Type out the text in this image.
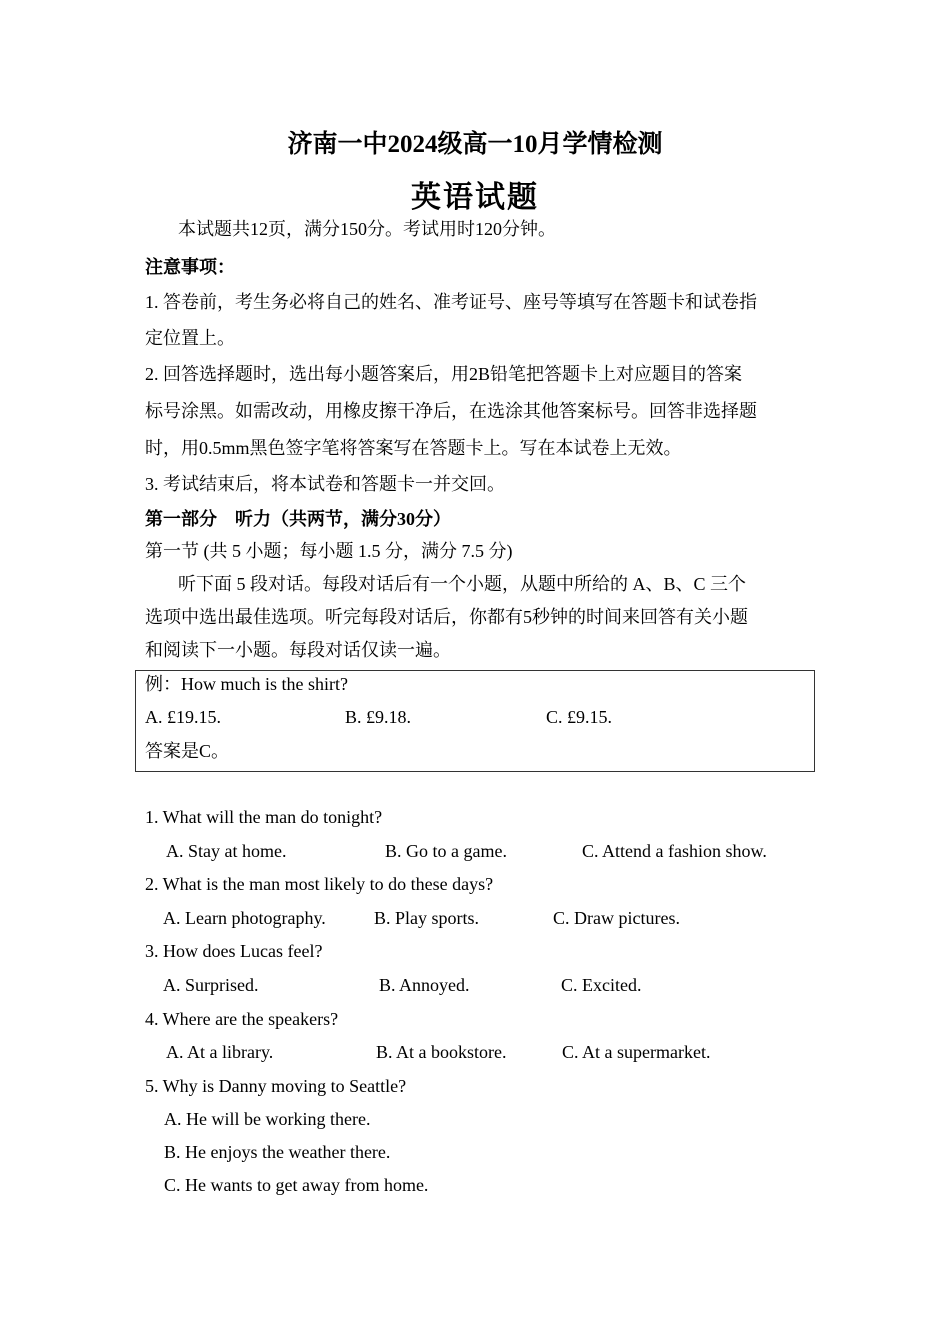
济南一中2024级高一10月学情检测
英语试题
本试题共12页，满分150分。考试用时120分钟。
注意事项：
1. 答卷前，考生务必将自己的姓名、准考证号、座号等填写在答题卡和试卷指
定位置上。
2. 回答选择题时，选出每小题答案后，用2B铅笔把答题卡上对应题目的答案
标号涂黑。如需改动，用橡皮擦干净后，在选涂其他答案标号。回答非选择题
时，用0.5mm黑色签字笔将答案写在答题卡上。写在本试卷上无效。
3. 考试结束后，将本试卷和答题卡一并交回。
第一部分　听力（共两节，满分30分）
第一节 (共 5 小题；每小题 1.5 分，满分 7.5 分)
听下面 5 段对话。每段对话后有一个小题，从题中所给的 A、B、C 三个
选项中选出最佳选项。听完每段对话后，你都有5秒钟的时间来回答有关小题
和阅读下一小题。每段对话仅读一遍。
例：How much is the shirt?
A. £19.15.	B. £9.18.	C. £9.15.
答案是C。
1. What will the man do tonight?
A. Stay at home.	B. Go to a game.	C. Attend a fashion show.
2. What is the man most likely to do these days?
A. Learn photography.	B. Play sports.	C. Draw pictures.
3. How does Lucas feel?
A. Surprised.	B. Annoyed.	C. Excited.
4. Where are the speakers?
A. At a library.	B. At a bookstore.	C. At a supermarket.
5. Why is Danny moving to Seattle?
A. He will be working there.
B. He enjoys the weather there.
C. He wants to get away from home.
